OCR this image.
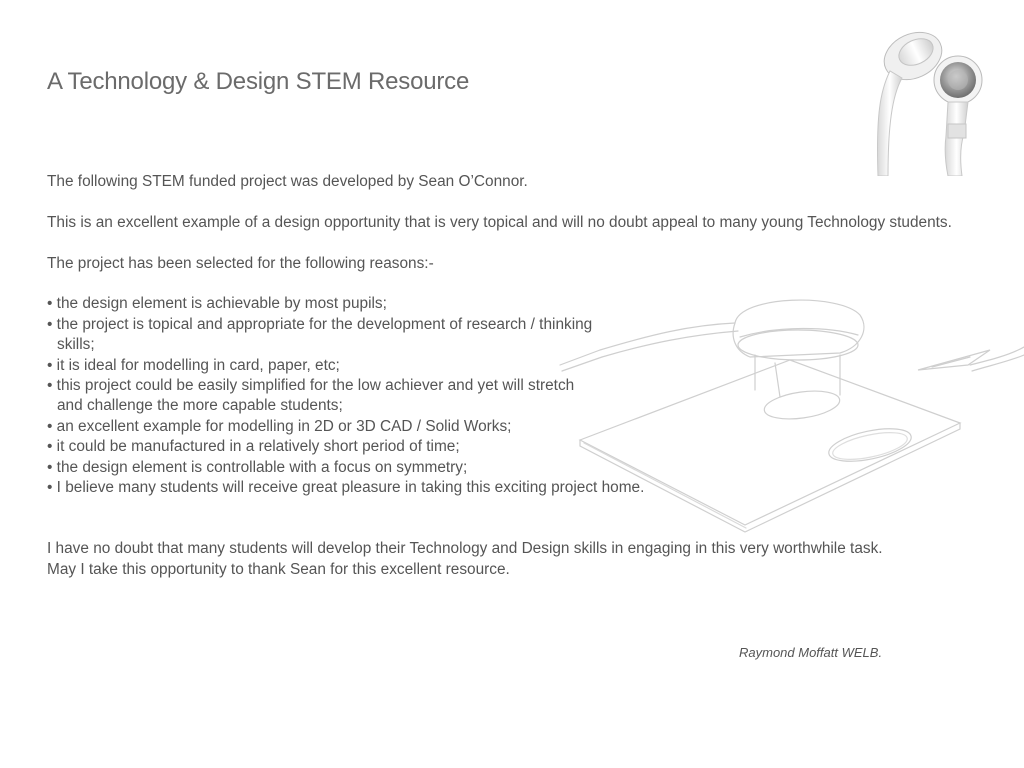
A Technology & Design STEM Resource

The following STEM funded project was developed by Sean O’Connor.

This is an excellent example of a design opportunity that is very topical and will no doubt appeal to many young Technology students.

The project has been selected for the following reasons:-

• the design element is achievable by most pupils;

• the project is topical and appropriate for the development of research / thinking

skills;

• it is ideal for modelling in card, paper, etc;

• this project could be easily simplified for the low achiever and yet will stretch

and challenge the more capable students;

• an excellent example for modelling in 2D or 3D CAD / Solid Works;

• it could be manufactured in a relatively short period of time;

• the design element is controllable with a focus on symmetry;

• I believe many students will receive great pleasure in taking this exciting project home.

I have no doubt that many students will develop their Technology and Design skills in engaging in this very worthwhile task.

May I take this opportunity to thank Sean for this excellent resource.

Raymond Moffatt WELB.
